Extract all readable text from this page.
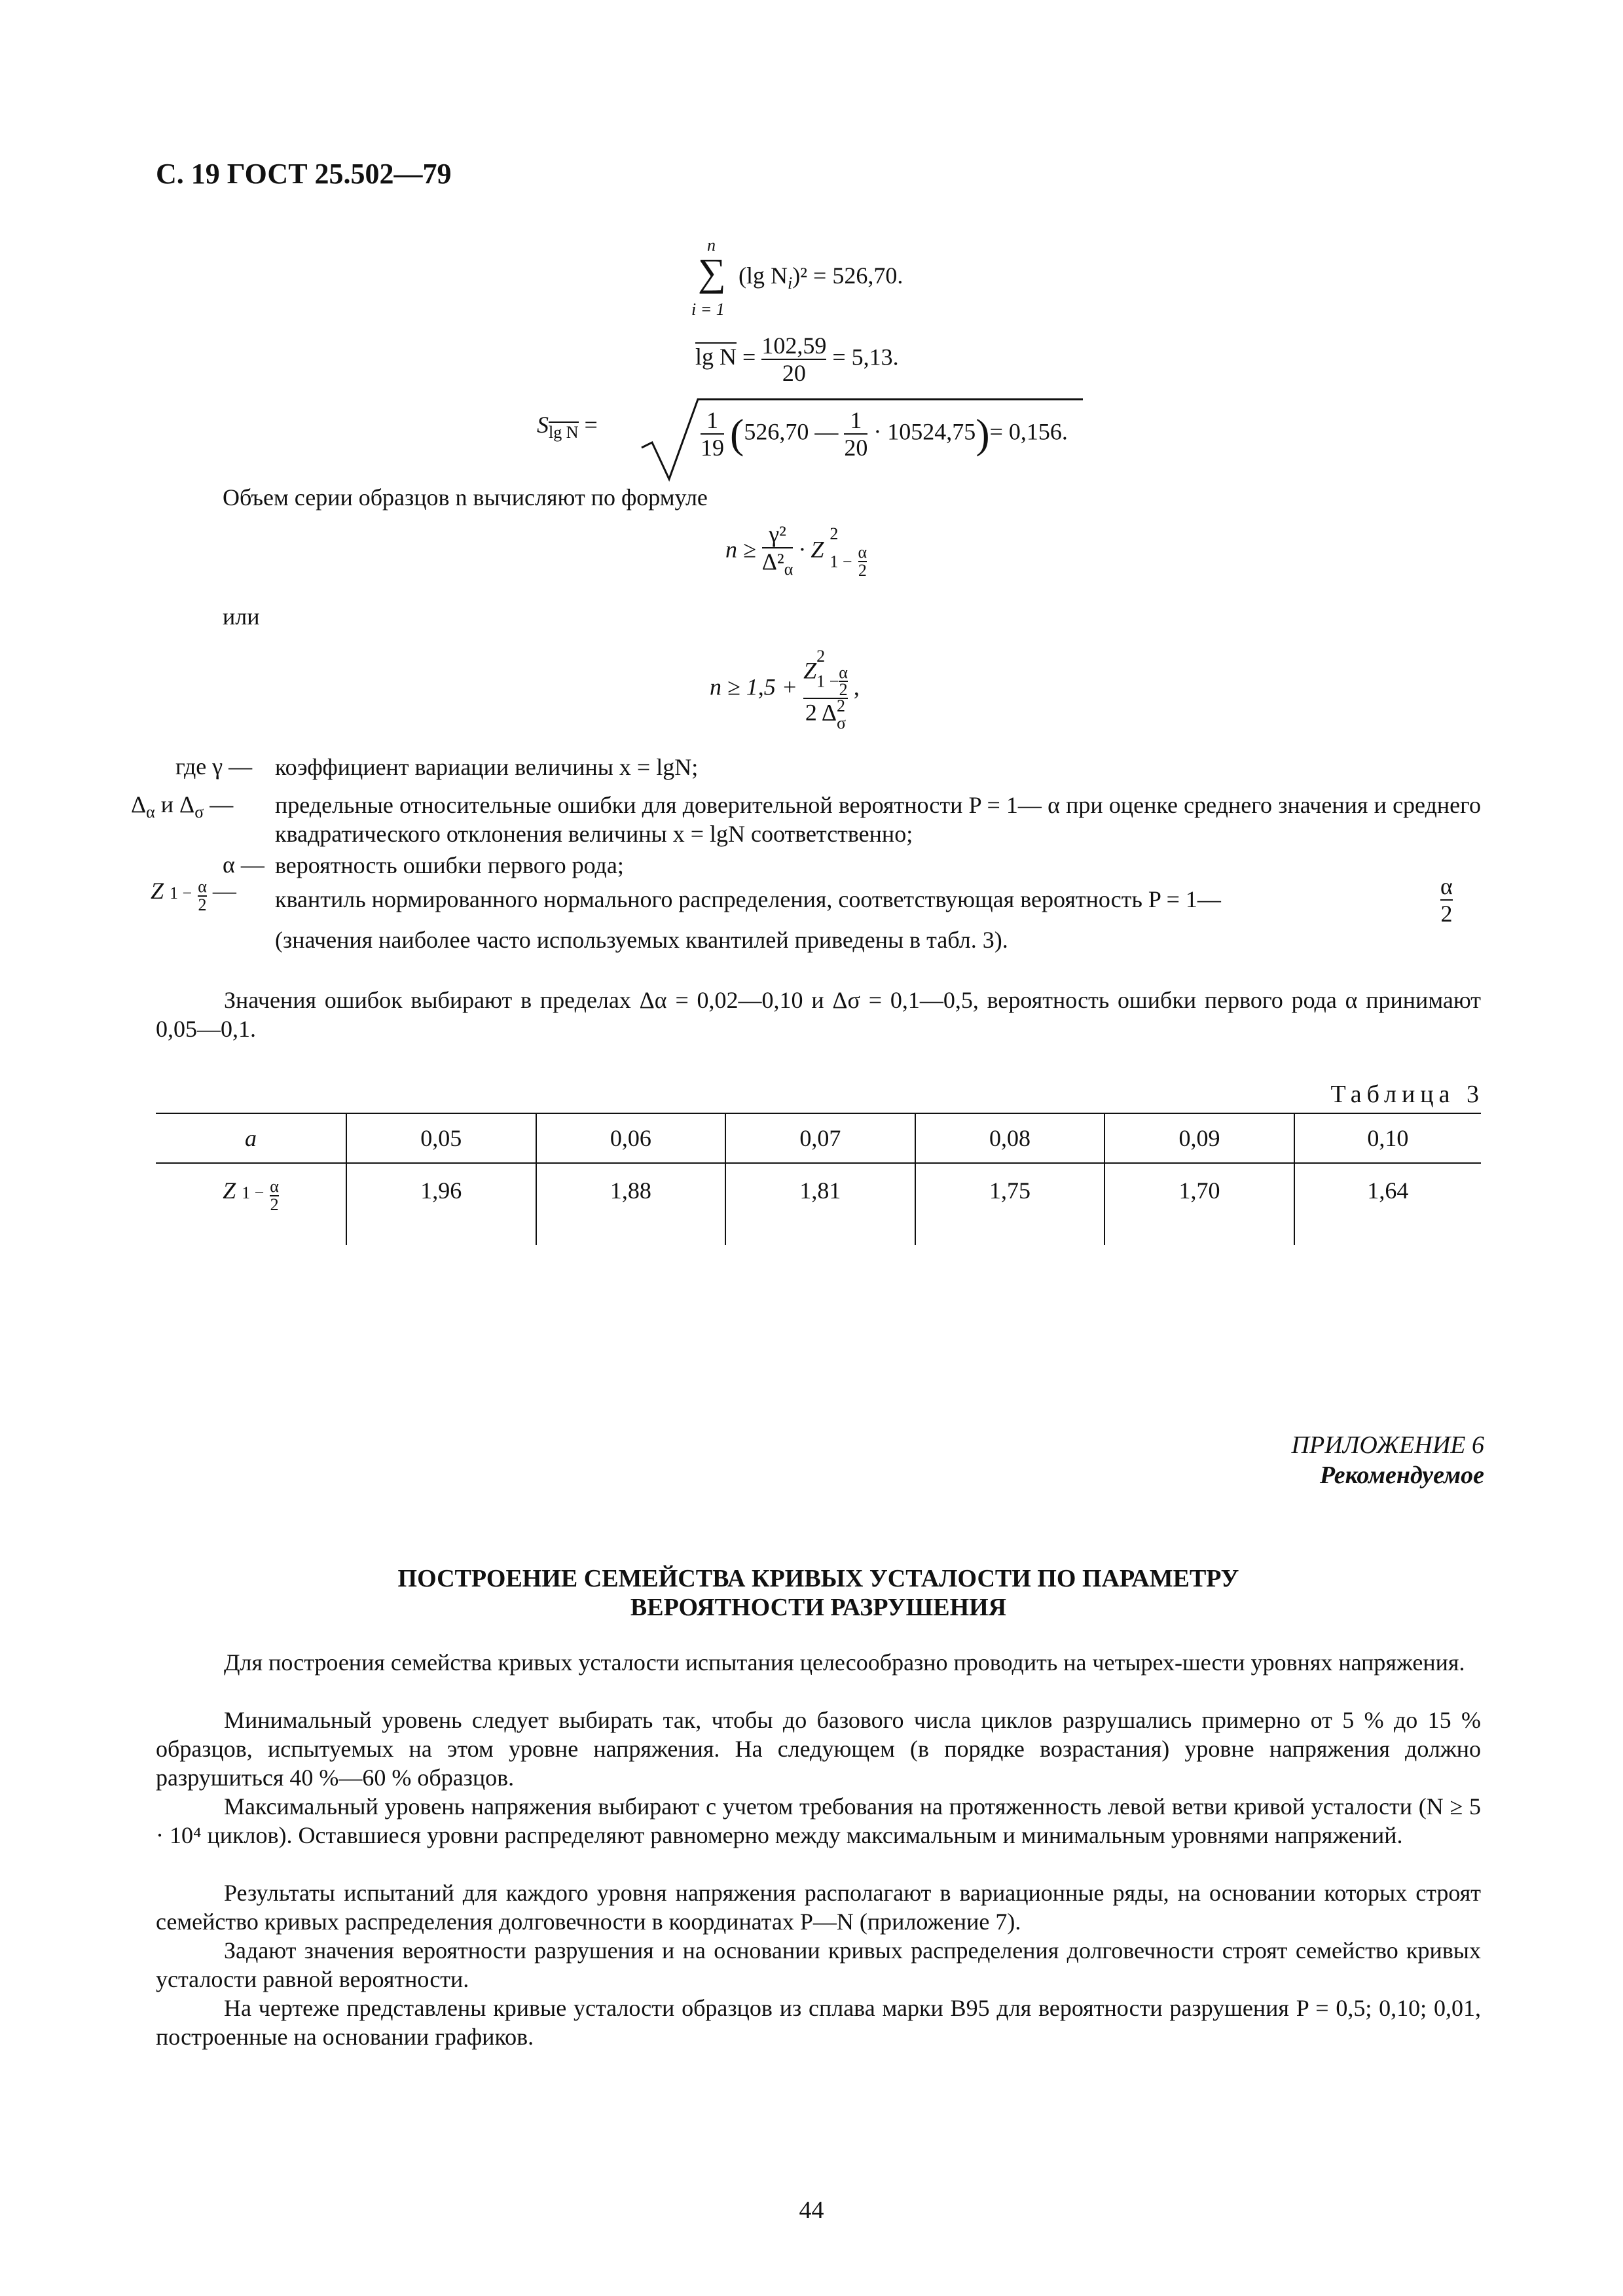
С. 19 ГОСТ 25.502—79
n
∑
i = 1
(lg $N_i)^2 = 526,70$.
$\lg N = \frac{102,59}{20} = 5,13$.
$S_{lg N}$ =	$\frac{1}{19} (526,70$ — $\frac{1}{20} \cdot 10524,75)= 0,156$.
Объем серии образцов n вычисляют по формуле
$n \ge \frac{\text{γ²}}{\Delta^2_\alpha} \cdot Z$
2
$1 - \frac{\alpha}{2}$
или
n ≥ 1,5 + Z
2
$1 - \frac{\alpha}{2}$
2 Δ 2
σ ,
где γ — коэффициент вариации величины x = lgN;
$\Delta_\alpha$ и $\Delta_\sigma$ — предельные относительные ошибки для доверительной вероятности P = 1— α при оценке среднего значения и среднего квадратического отклонения величины x = lgN соответственно;
α — вероятность ошибки первого рода;
Z $1 - \frac{\alpha}{2}$ — квантиль нормированного нормального распределения, соответствующая вероятность P = 1—	$\frac{\alpha}{2}$
(значения наиболее часто используемых квантилей приведены в табл. 3).
Значения ошибок выбирают в пределах Δα = 0,02—0,10 и Δσ = 0,1—0,5, вероятность ошибки первого рода α принимают 0,05—0,1.
Таблица 3
a	0,05	0,06	0,07	0,08	0,09	0,10
Z $1 - \frac{\alpha}{2}$	1,96	1,88	1,81	1,75	1,70	1,64
ПРИЛОЖЕНИЕ 6
Рекомендуемое
ПОСТРОЕНИЕ СЕМЕЙСТВА КРИВЫХ УСТАЛОСТИ ПО ПАРАМЕТРУ
ВЕРОЯТНОСТИ РАЗРУШЕНИЯ
Для построения семейства кривых усталости испытания целесообразно проводить на четырех-шести уровнях напряжения.
Минимальный уровень следует выбирать так, чтобы до базового числа циклов разрушались примерно от 5 % до 15 % образцов, испытуемых на этом уровне напряжения. На следующем (в порядке возрастания) уровне напряжения должно разрушиться 40 %—60 % образцов.
Максимальный уровень напряжения выбирают с учетом требования на протяженность левой ветви кривой усталости (N ≥ 5 · 10⁴ циклов). Оставшиеся уровни распределяют равномерно между максимальным и минимальным уровнями напряжений.
Результаты испытаний для каждого уровня напряжения располагают в вариационные ряды, на основании которых строят семейство кривых распределения долговечности в координатах P—N (приложение 7).
Задают значения вероятности разрушения и на основании кривых распределения долговечности строят семейство кривых усталости равной вероятности.
На чертеже представлены кривые усталости образцов из сплава марки В95 для вероятности разрушения P = 0,5; 0,10; 0,01, построенные на основании графиков.
44
